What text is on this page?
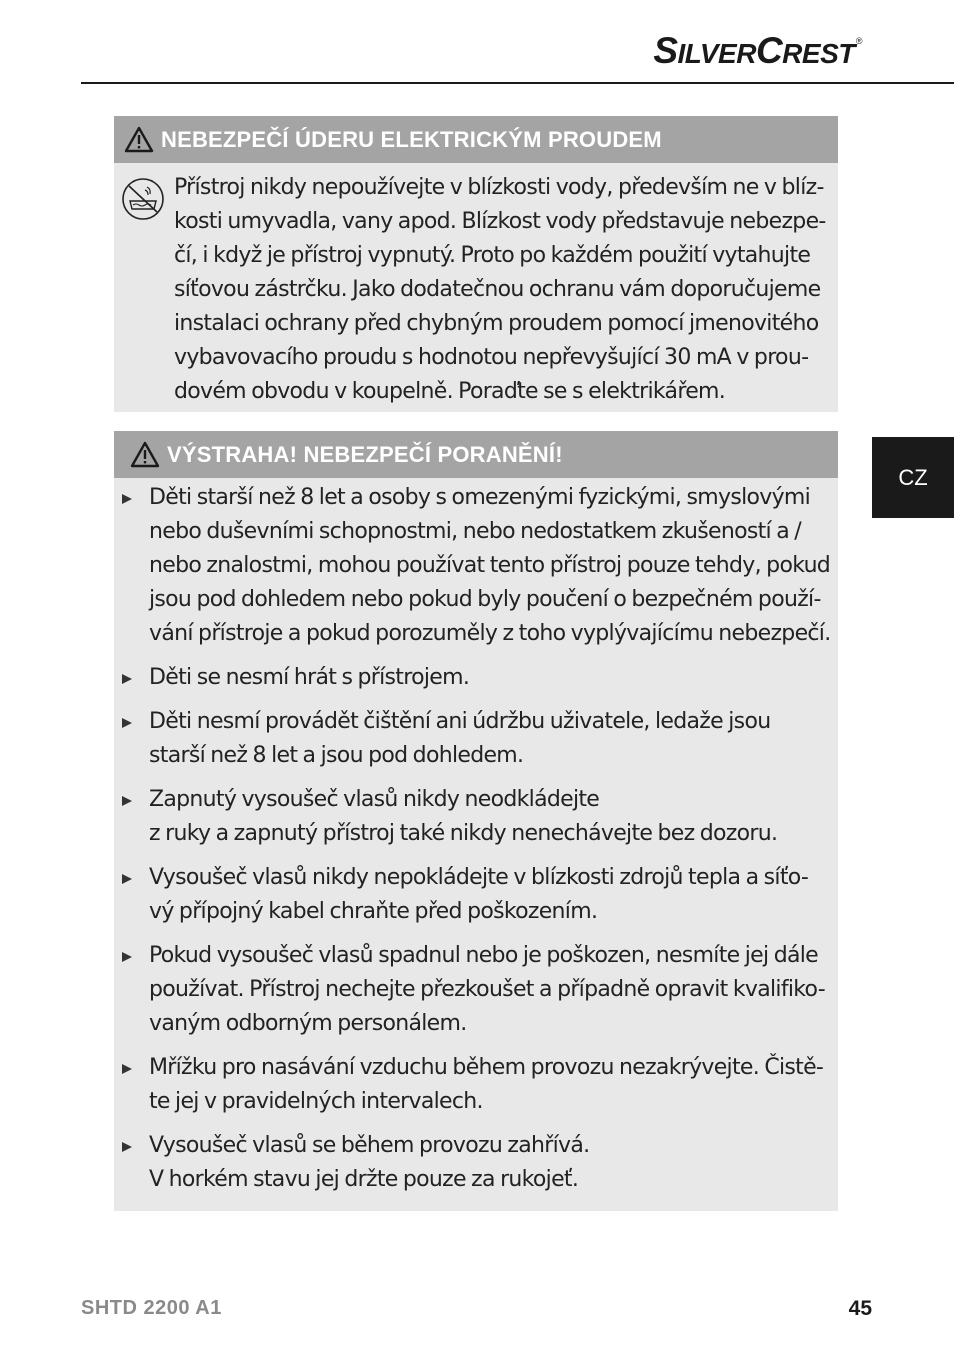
SILVERCREST®
CZ
NEBEZPEČÍ ÚDERU ELEKTRICKÝM PROUDEM
Přístroj nikdy nepoužívejte v blízkosti vody, především ne v blíz-
kosti umyvadla, vany apod. Blízkost vody představuje nebezpe-
čí, i když je přístroj vypnutý. Proto po každém použití vytahujte
síťovou zástrčku. Jako dodatečnou ochranu vám doporučujeme
instalaci ochrany před chybným proudem pomocí jmenovitého
vybavovacího proudu s hodnotou nepřevyšující 30 mA v prou-
dovém obvodu v koupelně. Poraďte se s elektrikářem.
VÝSTRAHA! NEBEZPEČÍ PORANĚNÍ!
Děti starší než 8 let a osoby s omezenými fyzickými, smyslovými
nebo duševními schopnostmi, nebo nedostatkem zkušeností a /
nebo znalostmi, mohou používat tento přístroj pouze tehdy, pokud
jsou pod dohledem nebo pokud byly poučení o bezpečném použí-
vání přístroje a pokud porozuměly z toho vyplývajícímu nebezpečí.
Děti se nesmí hrát s přístrojem.
Děti nesmí provádět čištění ani údržbu uživatele, ledaže jsou
starší než 8 let a jsou pod dohledem.
Zapnutý vysoušeč vlasů nikdy neodkládejte
z ruky a zapnutý přístroj také nikdy nenechávejte bez dozoru.
Vysoušeč vlasů nikdy nepokládejte v blízkosti zdrojů tepla a síťo-
vý přípojný kabel chraňte před poškozením.
Pokud vysoušeč vlasů spadnul nebo je poškozen, nesmíte jej dále
používat. Přístroj nechejte přezkoušet a případně opravit kvalifiko-
vaným odborným personálem.
Mřížku pro nasávání vzduchu během provozu nezakrývejte. Čistě-
te jej v pravidelných intervalech.
Vysoušeč vlasů se během provozu zahřívá.
V horkém stavu jej držte pouze za rukojeť.
SHTD 2200 A1	45
